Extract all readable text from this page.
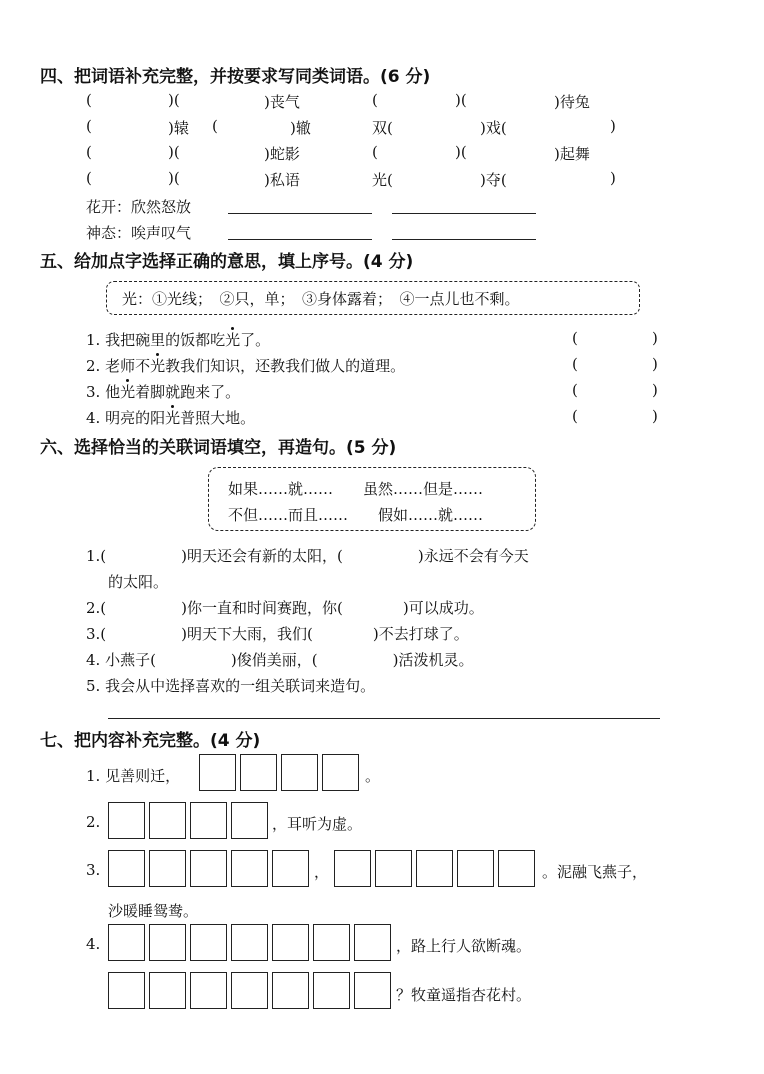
四、把词语补充完整，并按要求写同类词语。(6 分)
(	)(	)丧气	(	)(	)待兔
(	)辕 (	)辙	双(	)戏(	)
(	)(	)蛇影	(	)(	)起舞
(	)(	)私语	光(	)夺(	)
花开：欣然怒放
神态：唉声叹气
五、给加点字选择正确的意思，填上序号。(4 分)
光：①光线；　②只，单；　③身体露着；　④一点儿也不剩。
1. 我把碗里的饭都吃光了。	(	)
2. 老师不光教我们知识，还教我们做人的道理。	(	)
3. 他光着脚就跑来了。	(	)
4. 明亮的阳光普照大地。	(	)
六、选择恰当的关联词语填空，再造句。(5 分)
如果……就……　　虽然……但是……
不但……而且……　　假如……就……
1.(　　　　　)明天还会有新的太阳，(　　　　　)永远不会有今天
的太阳。
2.(　　　　　)你一直和时间赛跑，你(　　　　)可以成功。
3.(　　　　　)明天下大雨，我们(　　　　)不去打球了。
4. 小燕子(　　　　　)俊俏美丽，(　　　　　)活泼机灵。
5. 我会从中选择喜欢的一组关联词来造句。
七、把内容补充完整。(4 分)
1. 见善则迁，	。
2.	，耳听为虚。
3.	，	。泥融飞燕子，
沙暖睡鸳鸯。
4.	，路上行人欲断魂。
？牧童遥指杏花村。
